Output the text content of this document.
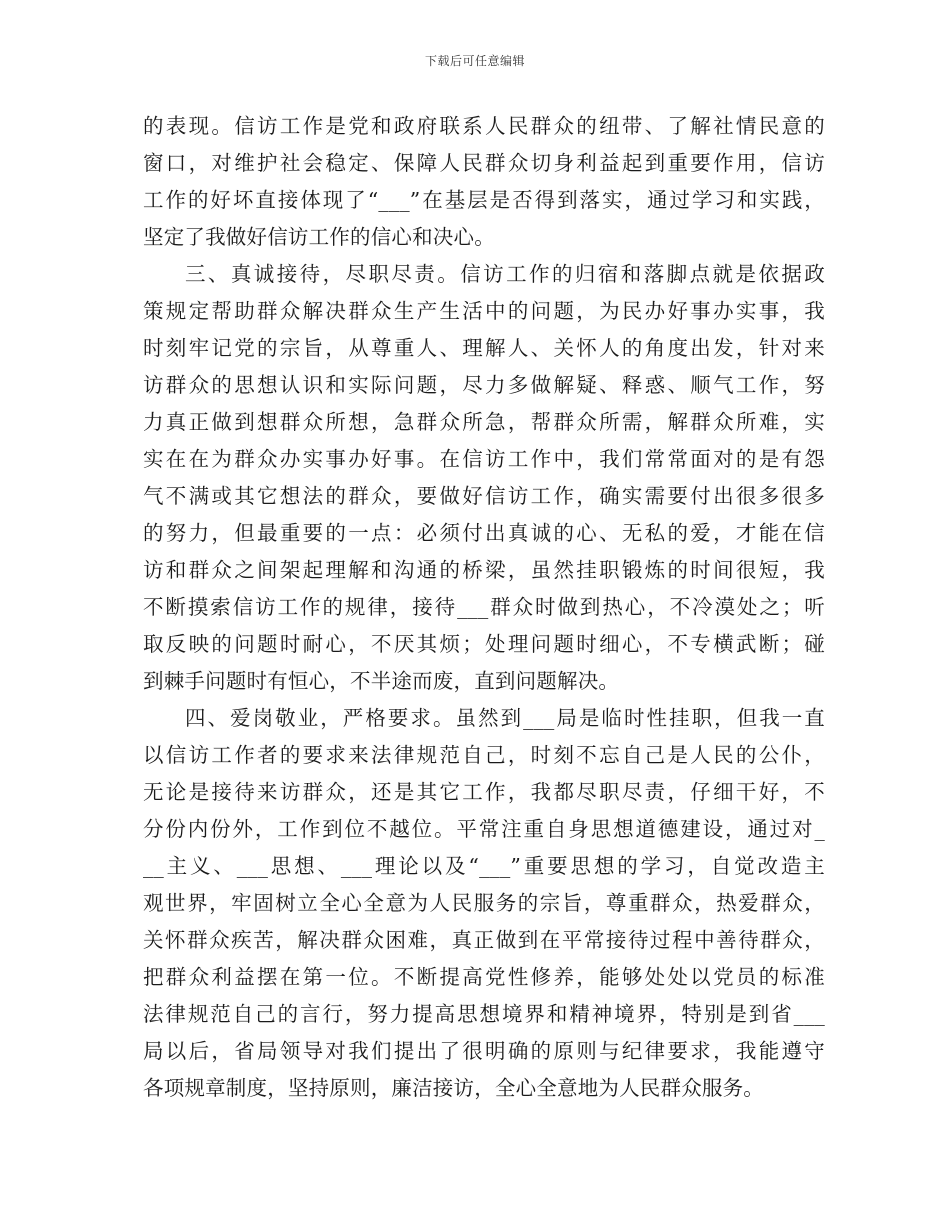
下载后可任意编辑
的表现。信访工作是党和政府联系人民群众的纽带、了解社情民意的
窗口，对维护社会稳定、保障人民群众切身利益起到重要作用，信访
工作的好坏直接体现了“___”在基层是否得到落实，通过学习和实践，
坚定了我做好信访工作的信心和决心。
三、真诚接待，尽职尽责。信访工作的归宿和落脚点就是依据政
策规定帮助群众解决群众生产生活中的问题，为民办好事办实事，我
时刻牢记党的宗旨，从尊重人、理解人、关怀人的角度出发，针对来
访群众的思想认识和实际问题，尽力多做解疑、释惑、顺气工作，努
力真正做到想群众所想，急群众所急，帮群众所需，解群众所难，实
实在在为群众办实事办好事。在信访工作中，我们常常面对的是有怨
气不满或其它想法的群众，要做好信访工作，确实需要付出很多很多
的努力，但最重要的一点：必须付出真诚的心、无私的爱，才能在信
访和群众之间架起理解和沟通的桥梁，虽然挂职锻炼的时间很短，我
不断摸索信访工作的规律，接待___群众时做到热心，不冷漠处之；听
取反映的问题时耐心，不厌其烦；处理问题时细心，不专横武断；碰
到棘手问题时有恒心，不半途而废，直到问题解决。
四、爱岗敬业，严格要求。虽然到___局是临时性挂职，但我一直
以信访工作者的要求来法律规范自己，时刻不忘自己是人民的公仆，
无论是接待来访群众，还是其它工作，我都尽职尽责，仔细干好，不
分份内份外，工作到位不越位。平常注重自身思想道德建设，通过对_
__主义、___思想、___理论以及“___”重要思想的学习，自觉改造主
观世界，牢固树立全心全意为人民服务的宗旨，尊重群众，热爱群众，
关怀群众疾苦，解决群众困难，真正做到在平常接待过程中善待群众，
把群众利益摆在第一位。不断提高党性修养，能够处处以党员的标准
法律规范自己的言行，努力提高思想境界和精神境界，特别是到省___
局以后，省局领导对我们提出了很明确的原则与纪律要求，我能遵守
各项规章制度，坚持原则，廉洁接访，全心全意地为人民群众服务。
